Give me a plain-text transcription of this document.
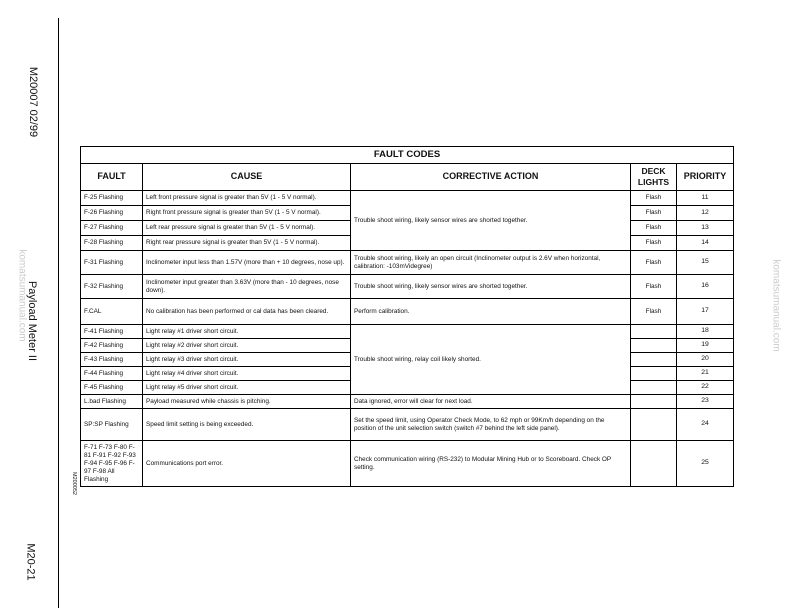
M20007 02/99
Payload Meter II
M20-21
komatsumanual.com	komatsumanual.com
FAULT CODES				
FAULT	CAUSE	CORRECTIVE ACTION	DECK LIGHTS	PRIORITY
F-25 Flashing	Left front pressure signal is greater than 5V (1 - 5 V normal).	Trouble shoot wiring, likely sensor wires are shorted together.	Flash	11
F-26 Flashing	Right front pressure signal is greater than 5V (1 - 5 V normal).		Flash	12
F-27 Flashing	Left rear pressure signal is greater than 5V (1 - 5 V normal).		Flash	13
F-28 Flashing	Right rear pressure signal is greater than 5V (1 - 5 V normal).		Flash	14
F-31 Flashing	Inclinometer input less than 1.57V (more than + 10 degrees, nose up).	Trouble shoot wiring, likely an open circuit (Inclinometer output is 2.6V when horizontal, calibration: -103mVidegree)	Flash	15
F-32 Flashing	Inclinometer input greater than 3.63V (more than - 10 degrees, nose down).	Trouble shoot wiring, likely sensor wires are shorted together.	Flash	16
F.CAL	No calibration has been performed or cal data has been cleared.	Perform calibration.	Flash	17
F-41 Flashing	Light relay #1 driver short circuit.	Trouble shoot wiring, relay coil likely shorted.		18
F-42 Flashing	Light relay #2 driver short circuit.			19
F-43 Flashing	Light relay #3 driver short circuit.			20
F-44 Flashing	Light relay #4 driver short circuit.			21
F-45 Flashing	Light relay #5 driver short circuit.			22
L.bad Flashing	Payload measured while chassis is pitching.	Data ignored, error will clear for next load.		23
SP:SP Flashing	Speed limit setting is being exceeded.	Set the speed limit, using Operator Check Mode, to 62 mph or 99Km/h depending on the position of the unit selection switch (switch #7 behind the left side panel).		24
F-71 F-73 F-80 F-81 F-91 F-92 F-93 F-94 F-95 F-96 F-97 F-98 All Flashing	Communications port error.	Check communication wiring (RS-232) to Modular Mining Hub or to Scoreboard. Check OP setting.		25
M200052
